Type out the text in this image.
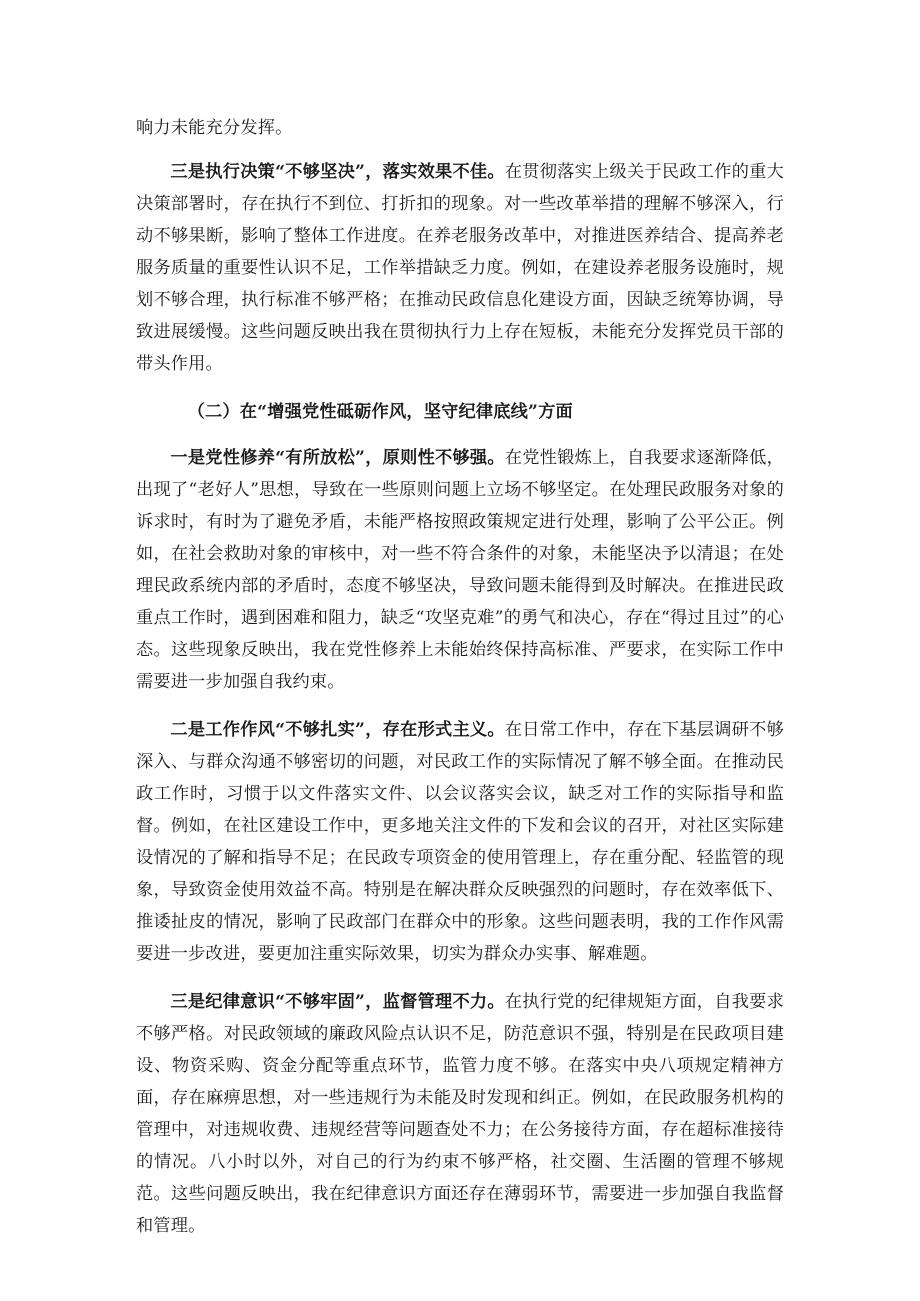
响力未能充分发挥。

三是执行决策“不够坚决”，落实效果不佳。在贯彻落实上级关于民政工作的重大决策部署时，存在执行不到位、打折扣的现象。对一些改革举措的理解不够深入，行动不够果断，影响了整体工作进度。在养老服务改革中，对推进医养结合、提高养老服务质量的重要性认识不足，工作举措缺乏力度。例如，在建设养老服务设施时，规划不够合理，执行标准不够严格；在推动民政信息化建设方面，因缺乏统筹协调，导致进展缓慢。这些问题反映出我在贯彻执行力上存在短板，未能充分发挥党员干部的带头作用。

（二）在“增强党性砥砺作风，坚守纪律底线”方面

一是党性修养“有所放松”，原则性不够强。在党性锻炼上，自我要求逐渐降低，出现了“老好人”思想，导致在一些原则问题上立场不够坚定。在处理民政服务对象的诉求时，有时为了避免矛盾，未能严格按照政策规定进行处理，影响了公平公正。例如，在社会救助对象的审核中，对一些不符合条件的对象，未能坚决予以清退；在处理民政系统内部的矛盾时，态度不够坚决，导致问题未能得到及时解决。在推进民政重点工作时，遇到困难和阻力，缺乏“攻坚克难”的勇气和决心，存在“得过且过”的心态。这些现象反映出，我在党性修养上未能始终保持高标准、严要求，在实际工作中需要进一步加强自我约束。

二是工作作风“不够扎实”，存在形式主义。在日常工作中，存在下基层调研不够深入、与群众沟通不够密切的问题，对民政工作的实际情况了解不够全面。在推动民政工作时，习惯于以文件落实文件、以会议落实会议，缺乏对工作的实际指导和监督。例如，在社区建设工作中，更多地关注文件的下发和会议的召开，对社区实际建设情况的了解和指导不足；在民政专项资金的使用管理上，存在重分配、轻监管的现象，导致资金使用效益不高。特别是在解决群众反映强烈的问题时，存在效率低下、推诿扯皮的情况，影响了民政部门在群众中的形象。这些问题表明，我的工作作风需要进一步改进，要更加注重实际效果，切实为群众办实事、解难题。

三是纪律意识“不够牢固”，监督管理不力。在执行党的纪律规矩方面，自我要求不够严格。对民政领域的廉政风险点认识不足，防范意识不强，特别是在民政项目建设、物资采购、资金分配等重点环节，监管力度不够。在落实中央八项规定精神方面，存在麻痹思想，对一些违规行为未能及时发现和纠正。例如，在民政服务机构的管理中，对违规收费、违规经营等问题查处不力；在公务接待方面，存在超标准接待的情况。八小时以外，对自己的行为约束不够严格，社交圈、生活圈的管理不够规范。这些问题反映出，我在纪律意识方面还存在薄弱环节，需要进一步加强自我监督和管理。
